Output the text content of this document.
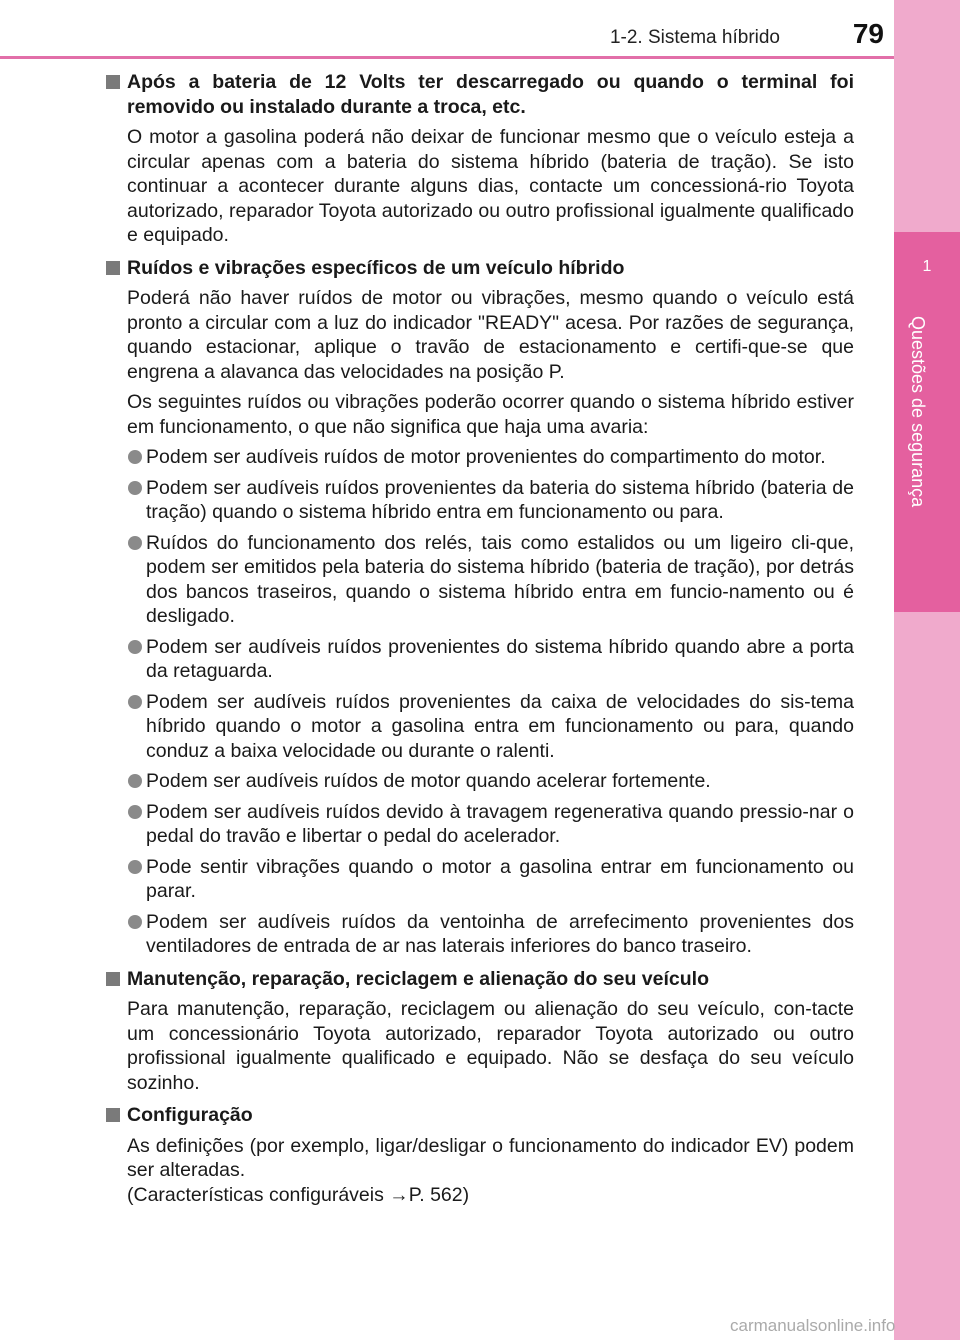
1-2. Sistema híbrido	79
1
Questões de segurança

Após a bateria de 12 Volts ter descarregado ou quando o terminal foi removido ou instalado durante a troca, etc.

O motor a gasolina poderá não deixar de funcionar mesmo que o veículo esteja a circular apenas com a bateria do sistema híbrido (bateria de tração). Se isto continuar a acontecer durante alguns dias, contacte um concessioná-rio Toyota autorizado, reparador Toyota autorizado ou outro profissional igualmente qualificado e equipado.

Ruídos e vibrações específicos de um veículo híbrido

Poderá não haver ruídos de motor ou vibrações, mesmo quando o veículo está pronto a circular com a luz do indicador "READY" acesa. Por razões de segurança, quando estacionar, aplique o travão de estacionamento e certifi-que-se que engrena a alavanca das velocidades na posição P.

Os seguintes ruídos ou vibrações poderão ocorrer quando o sistema híbrido estiver em funcionamento, o que não significa que haja uma avaria:

Podem ser audíveis ruídos de motor provenientes do compartimento do motor.
Podem ser audíveis ruídos provenientes da bateria do sistema híbrido (bateria de tração) quando o sistema híbrido entra em funcionamento ou para.
Ruídos do funcionamento dos relés, tais como estalidos ou um ligeiro cli-que, podem ser emitidos pela bateria do sistema híbrido (bateria de tração), por detrás dos bancos traseiros, quando o sistema híbrido entra em funcio-namento ou é desligado.
Podem ser audíveis ruídos provenientes do sistema híbrido quando abre a porta da retaguarda.
Podem ser audíveis ruídos provenientes da caixa de velocidades do sis-tema híbrido quando o motor a gasolina entra em funcionamento ou para, quando conduz a baixa velocidade ou durante o ralenti.
Podem ser audíveis ruídos de motor quando acelerar fortemente.
Podem ser audíveis ruídos devido à travagem regenerativa quando pressio-nar o pedal do travão e libertar o pedal do acelerador.
Pode sentir vibrações quando o motor a gasolina entrar em funcionamento ou parar.
Podem ser audíveis ruídos da ventoinha de arrefecimento provenientes dos ventiladores de entrada de ar nas laterais inferiores do banco traseiro.

Manutenção, reparação, reciclagem e alienação do seu veículo

Para manutenção, reparação, reciclagem ou alienação do seu veículo, con-tacte um concessionário Toyota autorizado, reparador Toyota autorizado ou outro profissional igualmente qualificado e equipado. Não se desfaça do seu veículo sozinho.

Configuração

As definições (por exemplo, ligar/desligar o funcionamento do indicador EV) podem ser alteradas.

(Características configuráveis →P. 562)

carmanualsonline.info
